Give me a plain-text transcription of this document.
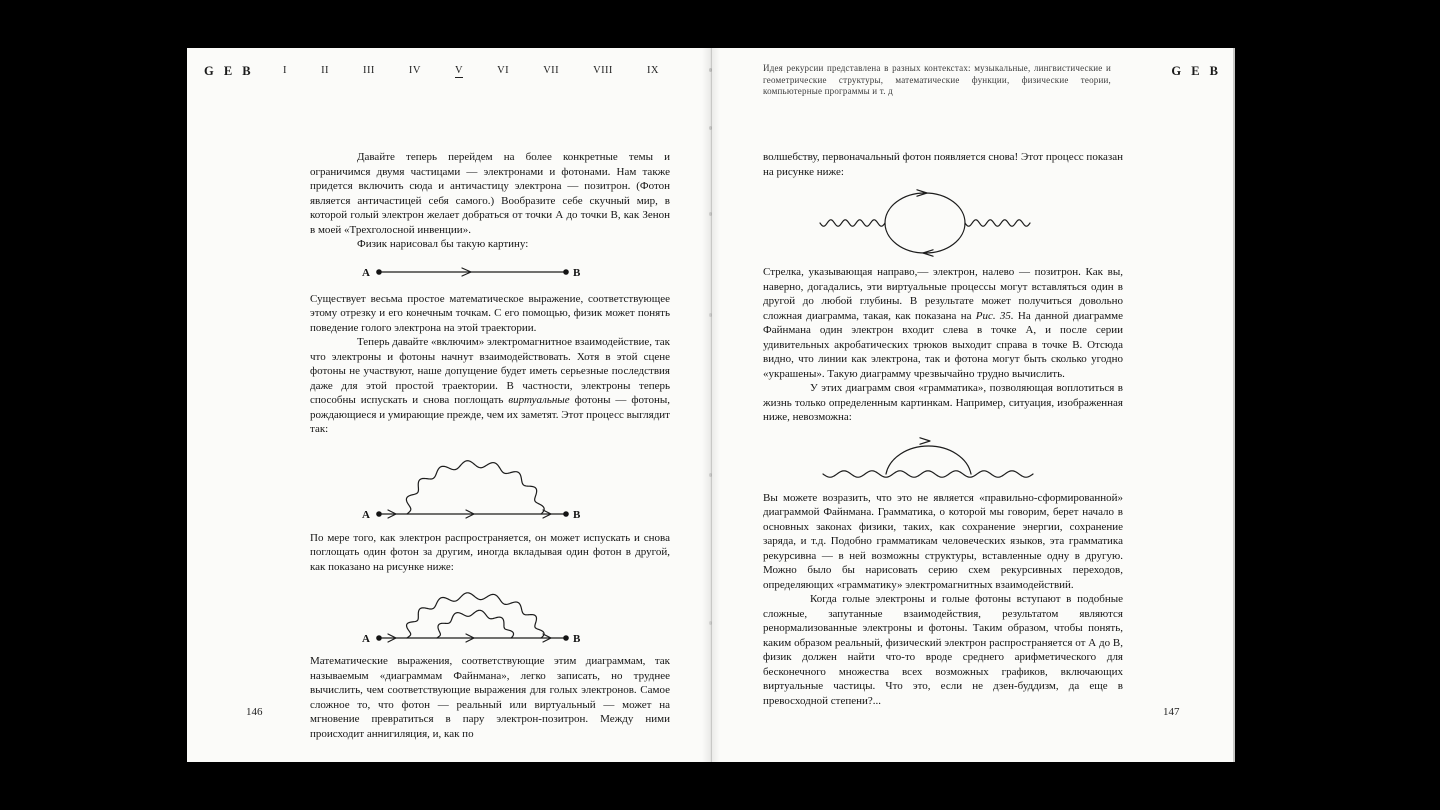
G E B	I	II	III	IV	V	VI	VII	VIII	IX

Давайте теперь перейдем на более конкретные темы и ограничимся двумя частицами — электронами и фотонами. Нам также придется включить сюда и античастицу электрона — позитрон. (Фотон является античастицей себя самого.) Вообразите себе скучный мир, в которой голый электрон желает добраться от точки А до точки В, как Зенон в моей «Трехголосной инвенции».

Физик нарисовал бы такую картину:

A	B

Существует весьма простое математическое выражение, соответствующее этому отрезку и его конечным точкам. С его помощью, физик может понять поведение голого электрона на этой траектории.

Теперь давайте «включим» электромагнитное взаимодействие, так что электроны и фотоны начнут взаимодействовать. Хотя в этой сцене фотоны не участвуют, наше допущение будет иметь серьезные последствия даже для этой простой траектории. В частности, электроны теперь способны испускать и снова поглощать виртуальные фотоны — фотоны, рождающиеся и умирающие прежде, чем их заметят. Этот процесс выглядит так:

A	B

По мере того, как электрон распространяется, он может испускать и снова поглощать один фотон за другим, иногда вкладывая один фотон в другой, как показано на рисунке ниже:

A	B

Математические выражения, соответствующие этим диаграммам, так называемым «диаграммам Файнмана», легко записать, но труднее вычислить, чем соответствующие выражения для голых электронов. Самое сложное то, что фотон — реальный или виртуальный — может на мгновение превратиться в пару электрон-позитрон. Между ними происходит аннигиляция, и, как по

146
Идея рекурсии представлена в разных контекстах: музыкальные, лингвистические и геометрические структуры, математические функции, физические теории, компьютерные программы и т. д
G E B

волшебству, первоначальный фотон появляется снова! Этот процесс показан на рисунке ниже:

Стрелка, указывающая направо,— электрон, налево — позитрон. Как вы, наверно, догадались, эти виртуальные процессы могут вставляться один в другой до любой глубины. В результате может получиться довольно сложная диаграмма, такая, как показана на Рис. 35. На данной диаграмме Файнмана один электрон входит слева в точке А, и после серии удивительных акробатических трюков выходит справа в точке В. Отсюда видно, что линии как электрона, так и фотона могут быть сколько угодно «украшены». Такую диаграмму чрезвычайно трудно вычислить.

У этих диаграмм своя «грамматика», позволяющая воплотиться в жизнь только определенным картинкам. Например, ситуация, изображенная ниже, невозможна:

Вы можете возразить, что это не является «правильно-сформированной» диаграммой Файнмана. Грамматика, о которой мы говорим, берет начало в основных законах физики, таких, как сохранение энергии, сохранение заряда, и т.д. Подобно грамматикам человеческих языков, эта грамматика рекурсивна — в ней возможны структуры, вставленные одну в другую. Можно было бы нарисовать серию схем рекурсивных переходов, определяющих «грамматику» электромагнитных взаимодействий.

Когда голые электроны и голые фотоны вступают в подобные сложные, запутанные взаимодействия, результатом являются ренормализованные электроны и фотоны. Таким образом, чтобы понять, каким образом реальный, физический электрон распространяется от А до В, физик должен найти что-то вроде среднего арифметического для бесконечного множества всех возможных графиков, включающих виртуальные частицы. Что это, если не дзен-буддизм, да еще в превосходной степени?...

147
